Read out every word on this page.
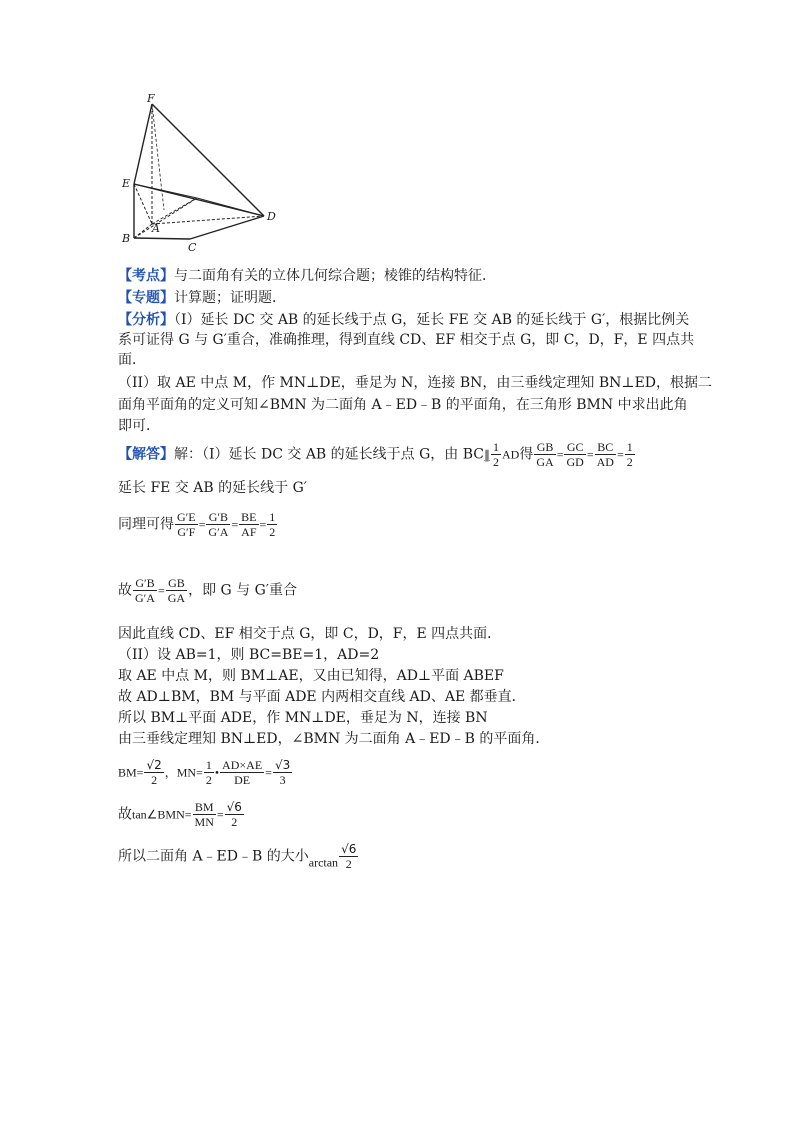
F
E
B
A
C
D
【考点】与二面角有关的立体几何综合题；棱锥的结构特征．
【专题】计算题；证明题．
【分析】（I）延长 DC 交 AB 的延长线于点 G，延长 FE 交 AB 的延长线于 G′，根据比例关
系可证得 G 与 G′重合，准确推理，得到直线 CD、EF 相交于点 G，即 C，D，F，E 四点共
面．
（II）取 AE 中点 M，作 MN⊥DE，垂足为 N，连接 BN，由三垂线定理知 BN⊥ED，根据二
面角平面角的定义可知∠BMN 为二面角 A﹣ED﹣B 的平面角，在三角形 BMN 中求出此角
即可．
【解答】解：（I）延长 DC 交 AB 的延长线于点 G，由 BC∥ $\frac{1}{2}$ AD得 $\frac{GB}{GA} = \frac{GC}{GD} = \frac{BC}{AD} = \frac{1}{2}$
延长 FE 交 AB 的延长线于 G′
同理可得 $\frac{G'E}{G'F} = \frac{G'B}{G'A} = \frac{BE}{AF} = \frac{1}{2}$
故 $\frac{G'B}{G'A} = \frac{GB}{GA}$ ，即 G 与 G′重合
因此直线 CD、EF 相交于点 G，即 C，D，F，E 四点共面．
（II）设 AB=1，则 BC=BE=1，AD=2
取 AE 中点 M，则 BM⊥AE，又由已知得，AD⊥平面 ABEF
故 AD⊥BM，BM 与平面 ADE 内两相交直线 AD、AE 都垂直．
所以 BM⊥平面 ADE，作 MN⊥DE，垂足为 N，连接 BN
由三垂线定理知 BN⊥ED，∠BMN 为二面角 A﹣ED﹣B 的平面角．
$BM= \frac{√2}{2}$ ，$MN= \frac{1}{2}$ • $\frac{AD\times AE}{DE} = \frac{√3}{3}$
故tan∠BMN= $\frac{BM}{MN} = \frac{√6}{2}$
所以二面角 A﹣ED﹣B 的大小$\arctan \frac{√6}{2}$
